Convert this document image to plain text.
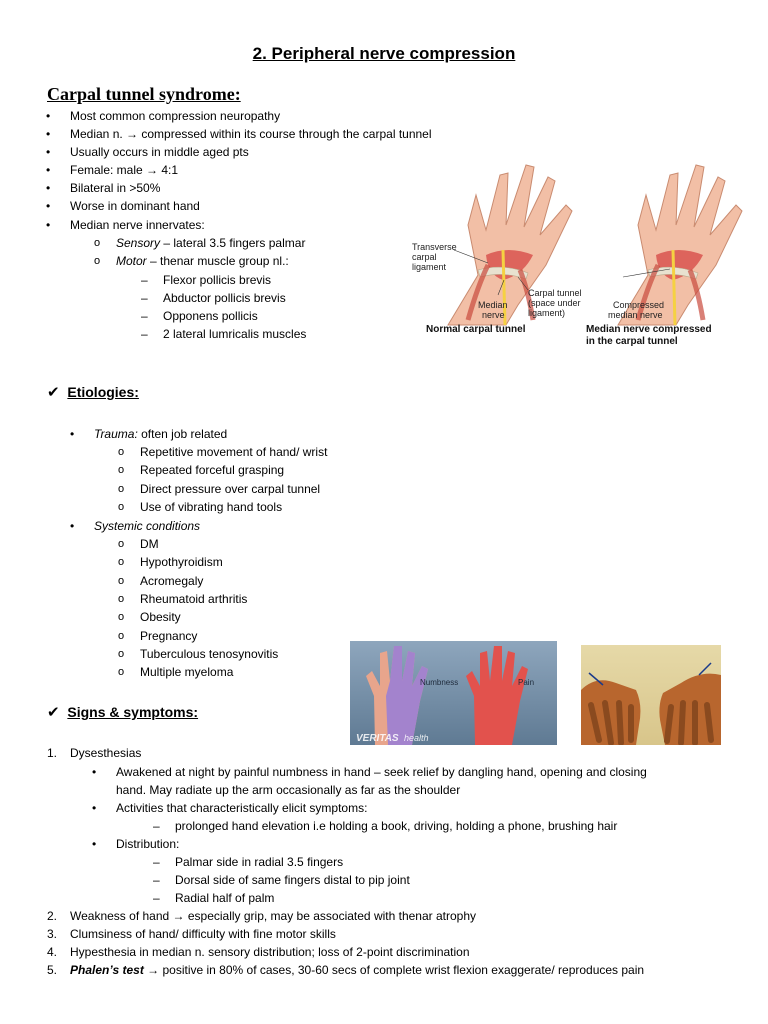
2. Peripheral nerve compression
Carpal tunnel syndrome:
• Most common compression neuropathy
• Median n. → compressed within its course through the carpal tunnel
• Usually occurs in middle aged pts
• Female: male → 4:1
• Bilateral in >50%
• Worse in dominant hand
• Median nerve innervates:
o Sensory – lateral 3.5 fingers palmar
o Motor – thenar muscle group nl.:
– Flexor pollicis brevis
– Abductor pollicis brevis
– Opponens pollicis
– 2 lateral lumricalis muscles
Transverse
carpal
ligament
Median
nerve
Carpal tunnel
(space under
ligament)
Compressed
median nerve
Normal carpal tunnel	Median nerve compressed
in the carpal tunnel
✔ Etiologies:
• Trauma: often job related
o Repetitive movement of hand/ wrist
o Repeated forceful grasping
o Direct pressure over carpal tunnel
o Use of vibrating hand tools
• Systemic conditions
o DM
o Hypothyroidism
o Acromegaly
o Rheumatoid arthritis
o Obesity
o Pregnancy
o Tuberculous tenosynovitis
o Multiple myeloma
Numbness	Pain
VERITAS health
✔ Signs & symptoms:
1. Dysesthesias
• Awakened at night by painful numbness in hand – seek relief by dangling hand, opening and closing
hand. May radiate up the arm occasionally as far as the shoulder
• Activities that characteristically elicit symptoms:
– prolonged hand elevation i.e holding a book, driving, holding a phone, brushing hair
• Distribution:
– Palmar side in radial 3.5 fingers
– Dorsal side of same fingers distal to pip joint
– Radial half of palm
2. Weakness of hand → especially grip, may be associated with thenar atrophy
3. Clumsiness of hand/ difficulty with fine motor skills
4. Hypesthesia in median n. sensory distribution; loss of 2-point discrimination
5. Phalen’s test → positive in 80% of cases, 30-60 secs of complete wrist flexion exaggerate/ reproduces pain
